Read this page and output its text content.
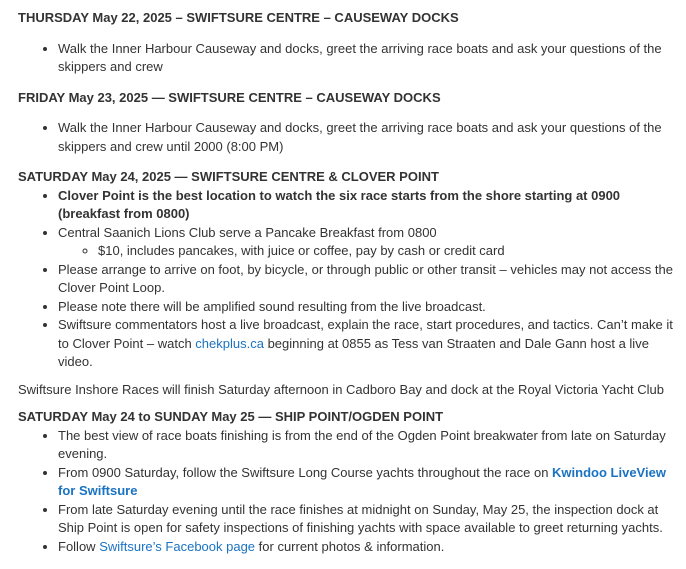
THURSDAY May 22, 2025 – SWIFTSURE CENTRE – CAUSEWAY DOCKS
• Walk the Inner Harbour Causeway and docks, greet the arriving race boats and ask your questions of the skippers and crew
FRIDAY May 23, 2025 — SWIFTSURE CENTRE – CAUSEWAY DOCKS
• Walk the Inner Harbour Causeway and docks, greet the arriving race boats and ask your questions of the skippers and crew until 2000 (8:00 PM)
SATURDAY May 24, 2025 — SWIFTSURE CENTRE & CLOVER POINT
• Clover Point is the best location to watch the six race starts from the shore starting at 0900 (breakfast from 0800)
• Central Saanich Lions Club serve a Pancake Breakfast from 0800
◦ $10, includes pancakes, with juice or coffee, pay by cash or credit card
• Please arrange to arrive on foot, by bicycle, or through public or other transit – vehicles may not access the Clover Point Loop.
• Please note there will be amplified sound resulting from the live broadcast.
• Swiftsure commentators host a live broadcast, explain the race, start procedures, and tactics. Can’t make it to Clover Point – watch chekplus.ca beginning at 0855 as Tess van Straaten and Dale Gann host a live video.

Swiftsure Inshore Races will finish Saturday afternoon in Cadboro Bay and dock at the Royal Victoria Yacht Club

SATURDAY May 24 to SUNDAY May 25 — SHIP POINT/OGDEN POINT
• The best view of race boats finishing is from the end of the Ogden Point breakwater from late on Saturday evening.
• From 0900 Saturday, follow the Swiftsure Long Course yachts throughout the race on Kwindoo LiveView for Swiftsure
• From late Saturday evening until the race finishes at midnight on Sunday, May 25, the inspection dock at Ship Point is open for safety inspections of finishing yachts with space available to greet returning yachts.
• Follow Swiftsure’s Facebook page for current photos & information.
